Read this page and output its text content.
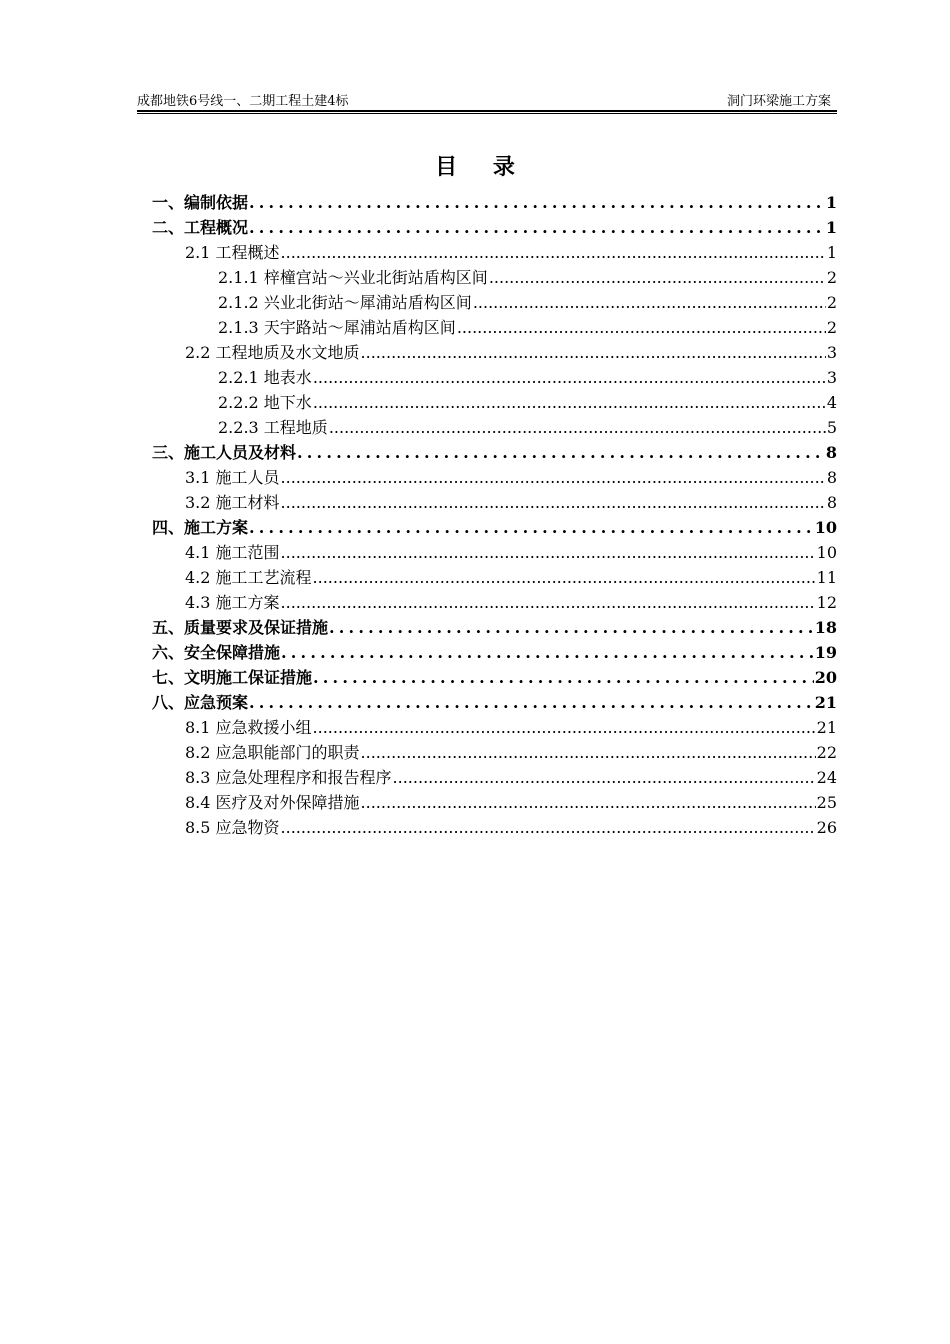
成都地铁6号线一、二期工程土建4标	洞门环梁施工方案
目 录
一、编制依据 .....	1
二、工程概况 .....	1
2.1 工程概述 .....	1
2.1.1 梓橦宫站～兴业北街站盾构区间 .....	2
2.1.2 兴业北街站～犀浦站盾构区间 .....	2
2.1.3 天宇路站～犀浦站盾构区间 .....	2
2.2 工程地质及水文地质 .....	3
2.2.1 地表水 .....	3
2.2.2 地下水 .....	4
2.2.3 工程地质 .....	5
三、施工人员及材料 .....	8
3.1 施工人员 .....	8
3.2 施工材料 .....	8
四、施工方案 .....	10
4.1 施工范围 .....	10
4.2 施工工艺流程 .....	11
4.3 施工方案 .....	12
五、质量要求及保证措施 .....	18
六、安全保障措施 .....	19
七、文明施工保证措施 .....	20
八、应急预案 .....	21
8.1 应急救援小组 .....	21
8.2 应急职能部门的职责 .....	22
8.3 应急处理程序和报告程序 .....	24
8.4 医疗及对外保障措施 .....	25
8.5 应急物资 .....	26
